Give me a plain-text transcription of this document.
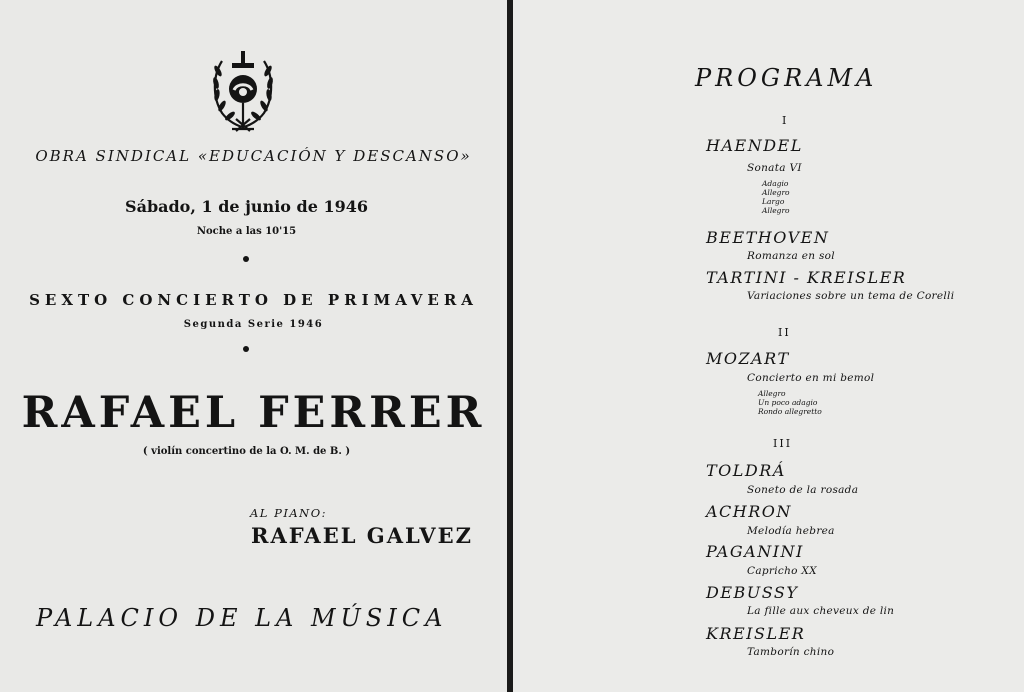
OBRA SINDICAL «EDUCACIÓN Y DESCANSO»
Sábado, 1 de junio de 1946
Noche a las 10'15
SEXTO CONCIERTO DE PRIMAVERA
Segunda Serie 1946
RAFAEL FERRER
( violín concertino de la O. M. de B. )
AL PIANO:
RAFAEL GALVEZ
PALACIO DE LA MÚSICA
PROGRAMA
I
HAENDEL
Sonata VI
Adagio
Allegro
Largo
Allegro
BEETHOVEN
Romanza en sol
TARTINI - KREISLER
Variaciones sobre un tema de Corelli
II
MOZART
Concierto en mi bemol
Allegro
Un poco adagio
Rondo allegretto
III
TOLDRÁ
Soneto de la rosada
ACHRON
Melodía hebrea
PAGANINI
Capricho XX
DEBUSSY
La fille aux cheveux de lin
KREISLER
Tamborín chino
